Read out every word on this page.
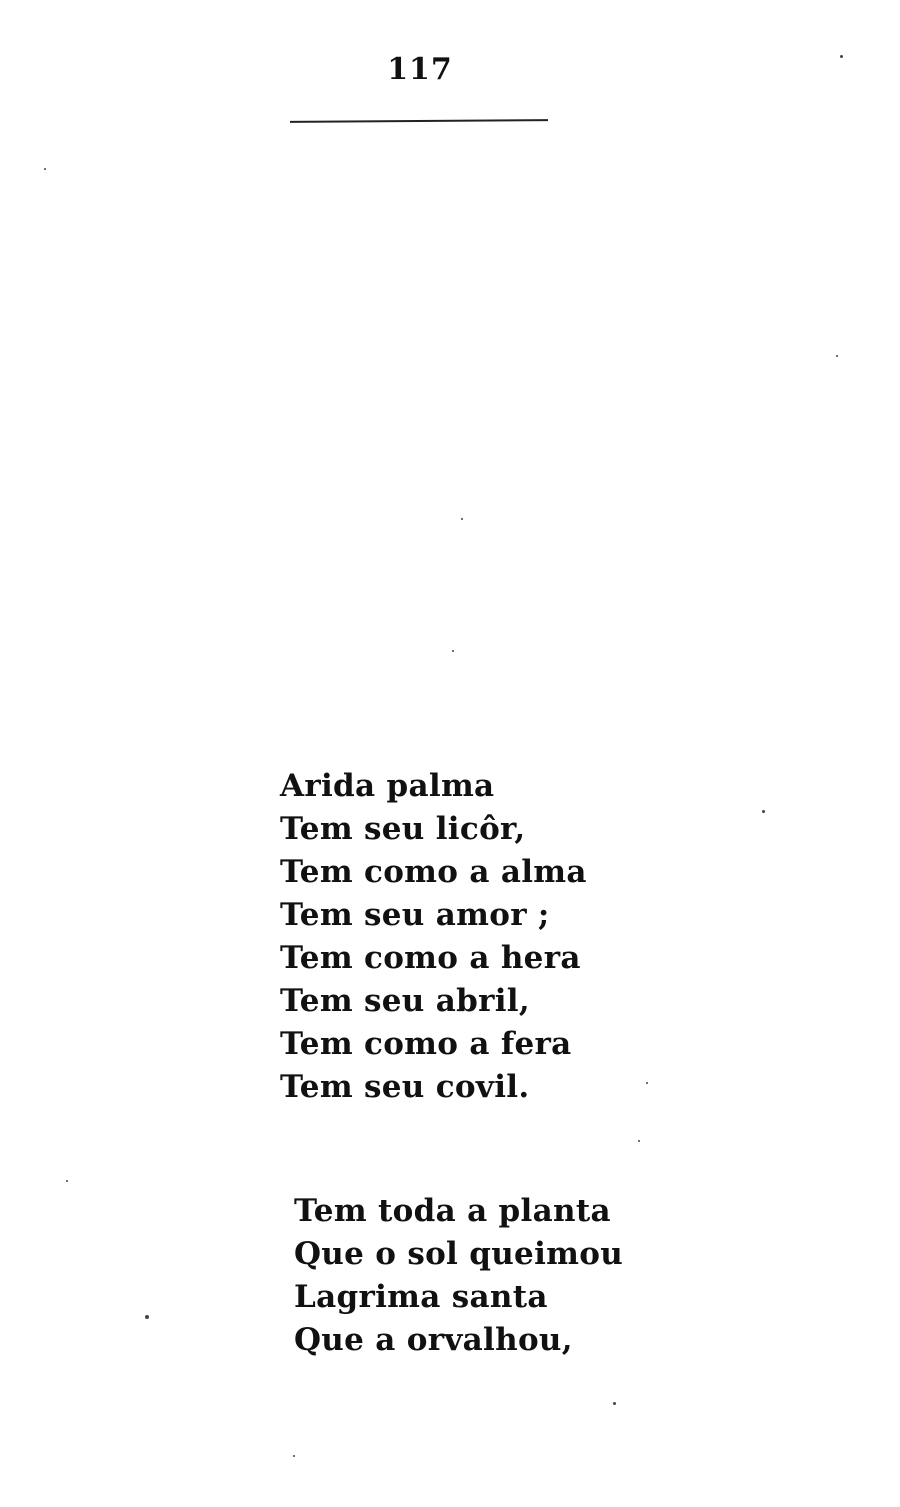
117
Arida palma
Tem seu licôr,
Tem como a alma
Tem seu amor ;
Tem como a hera
Tem seu abril,
Tem como a fera
Tem seu covil.
Tem toda a planta
Que o sol queimou
Lagrima santa
Que a orvalhou,
